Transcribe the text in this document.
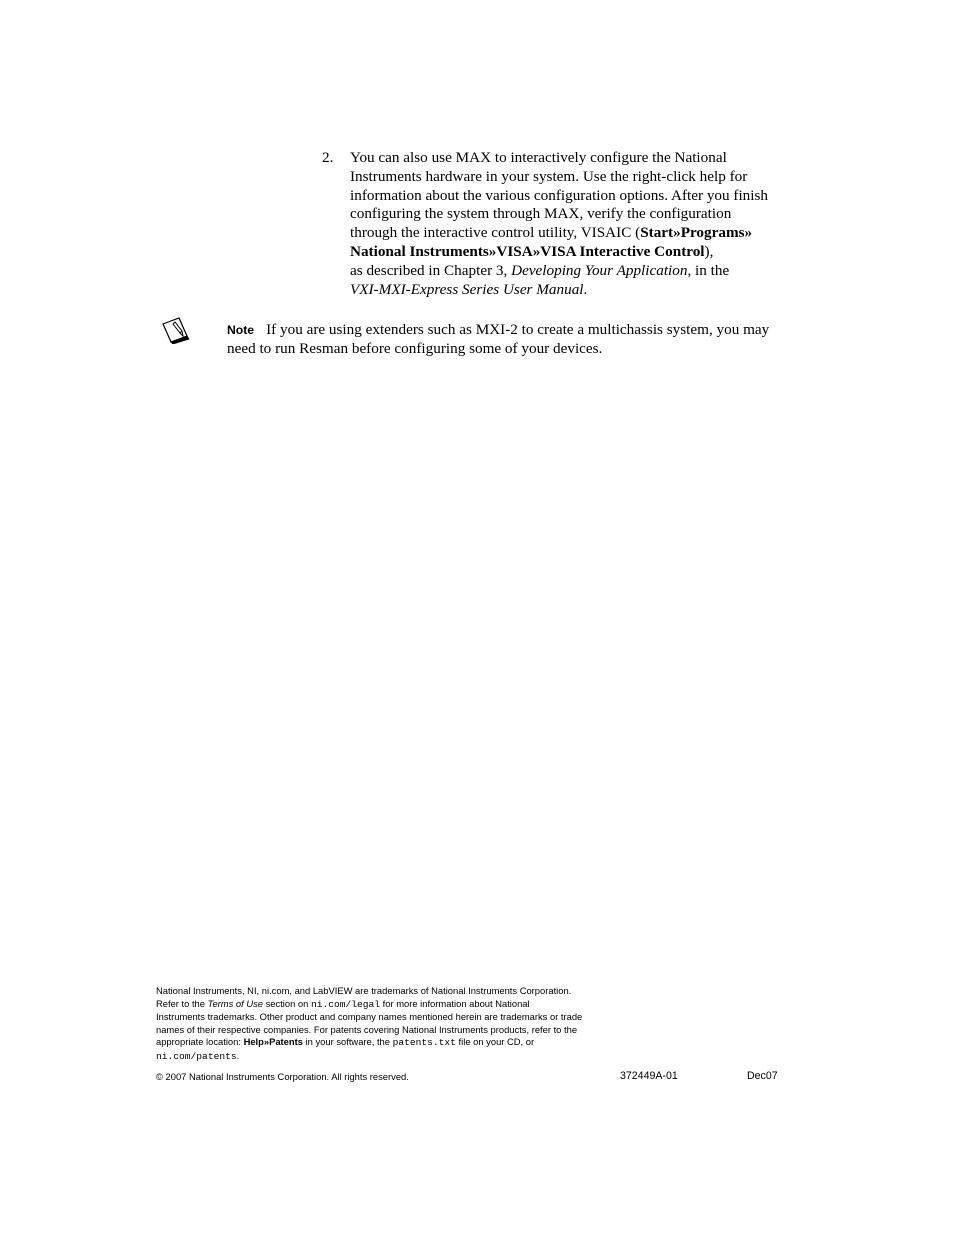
2. You can also use MAX to interactively configure the National
Instruments hardware in your system. Use the right-click help for
information about the various configuration options. After you finish
configuring the system through MAX, verify the configuration
through the interactive control utility, VISAIC (Start»Programs»
National Instruments»VISA»VISA Interactive Control),
as described in Chapter 3, Developing Your Application, in the
VXI-MXI-Express Series User Manual.
Note If you are using extenders such as MXI-2 to create a multichassis system, you may
need to run Resman before configuring some of your devices.
National Instruments, NI, ni.com, and LabVIEW are trademarks of National Instruments Corporation.
Refer to the Terms of Use section on ni.com/legal for more information about National
Instruments trademarks. Other product and company names mentioned herein are trademarks or trade
names of their respective companies. For patents covering National Instruments products, refer to the
appropriate location: Help»Patents in your software, the patents.txt file on your CD, or
ni.com/patents.
© 2007 National Instruments Corporation. All rights reserved.	372449A-01	Dec07
